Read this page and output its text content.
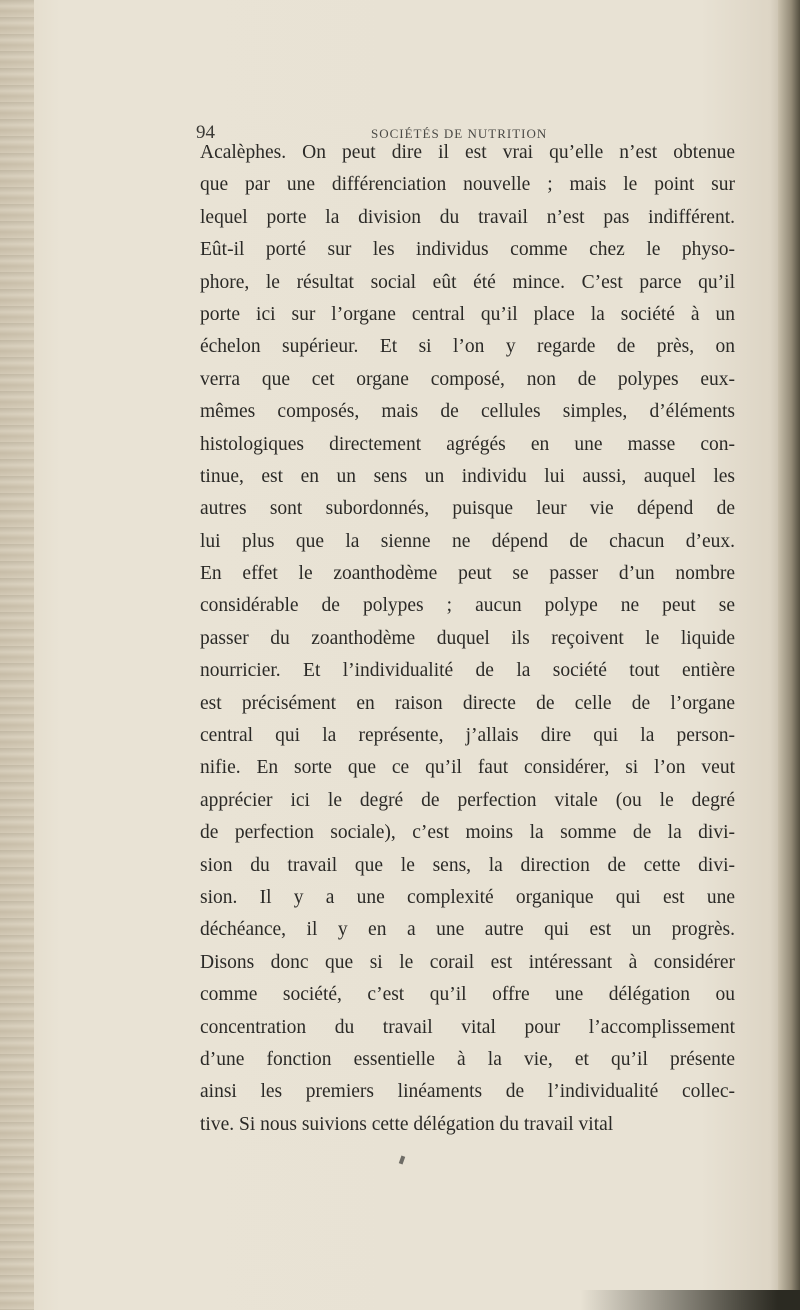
94	SOCIÉTÉS DE NUTRITION
Acalèphes. On peut dire il est vrai qu’elle n’est obtenue
que par une différenciation nouvelle ; mais le point sur
lequel porte la division du travail n’est pas indifférent.
Eût-il porté sur les individus comme chez le physo-
phore, le résultat social eût été mince. C’est parce qu’il
porte ici sur l’organe central qu’il place la société à un
échelon supérieur. Et si l’on y regarde de près, on
verra que cet organe composé, non de polypes eux-
mêmes composés, mais de cellules simples, d’éléments
histologiques directement agrégés en une masse con-
tinue, est en un sens un individu lui aussi, auquel les
autres sont subordonnés, puisque leur vie dépend de
lui plus que la sienne ne dépend de chacun d’eux.
En effet le zoanthodème peut se passer d’un nombre
considérable de polypes ; aucun polype ne peut se
passer du zoanthodème duquel ils reçoivent le liquide
nourricier. Et l’individualité de la société tout entière
est précisément en raison directe de celle de l’organe
central qui la représente, j’allais dire qui la person-
nifie. En sorte que ce qu’il faut considérer, si l’on veut
apprécier ici le degré de perfection vitale (ou le degré
de perfection sociale), c’est moins la somme de la divi-
sion du travail que le sens, la direction de cette divi-
sion. Il y a une complexité organique qui est une
déchéance, il y en a une autre qui est un progrès.
Disons donc que si le corail est intéressant à considérer
comme société, c’est qu’il offre une délégation ou
concentration du travail vital pour l’accomplissement
d’une fonction essentielle à la vie, et qu’il présente
ainsi les premiers linéaments de l’individualité collec-
tive. Si nous suivions cette délégation du travail vital
